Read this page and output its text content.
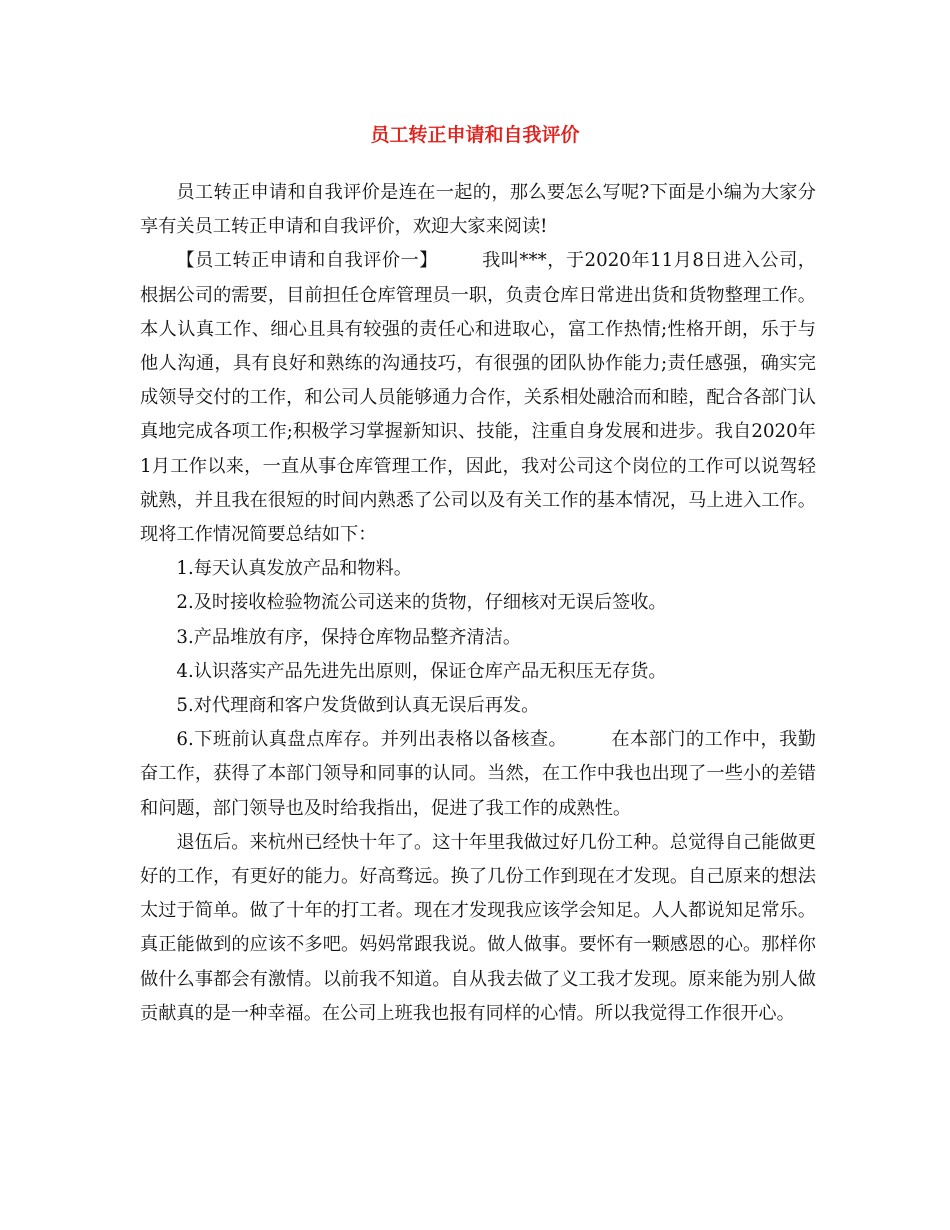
员工转正申请和自我评价

员工转正申请和自我评价是连在一起的，那么要怎么写呢?下面是小编为大家分享有关员工转正申请和自我评价，欢迎大家来阅读!

【员工转正申请和自我评价一】 我叫***，于2020年11月8日进入公司，根据公司的需要，目前担任仓库管理员一职，负责仓库日常进出货和货物整理工作。本人认真工作、细心且具有较强的责任心和进取心，富工作热情;性格开朗，乐于与他人沟通，具有良好和熟练的沟通技巧，有很强的团队协作能力;责任感强，确实完成领导交付的工作，和公司人员能够通力合作，关系相处融洽而和睦，配合各部门认真地完成各项工作;积极学习掌握新知识、技能，注重自身发展和进步。我自2020年1月工作以来，一直从事仓库管理工作，因此，我对公司这个岗位的工作可以说驾轻就熟，并且我在很短的时间内熟悉了公司以及有关工作的基本情况，马上进入工作。现将工作情况简要总结如下：

1.每天认真发放产品和物料。

2.及时接收检验物流公司送来的货物，仔细核对无误后签收。

3.产品堆放有序，保持仓库物品整齐清洁。

4.认识落实产品先进先出原则，保证仓库产品无积压无存货。

5.对代理商和客户发货做到认真无误后再发。

6.下班前认真盘点库存。并列出表格以备核查。 在本部门的工作中，我勤奋工作，获得了本部门领导和同事的认同。当然，在工作中我也出现了一些小的差错和问题，部门领导也及时给我指出，促进了我工作的成熟性。

退伍后。来杭州已经快十年了。这十年里我做过好几份工种。总觉得自己能做更好的工作，有更好的能力。好高骛远。换了几份工作到现在才发现。自己原来的想法太过于简单。做了十年的打工者。现在才发现我应该学会知足。人人都说知足常乐。真正能做到的应该不多吧。妈妈常跟我说。做人做事。要怀有一颗感恩的心。那样你做什么事都会有激情。以前我不知道。自从我去做了义工我才发现。原来能为别人做贡献真的是一种幸福。在公司上班我也报有同样的心情。所以我觉得工作很开心。
